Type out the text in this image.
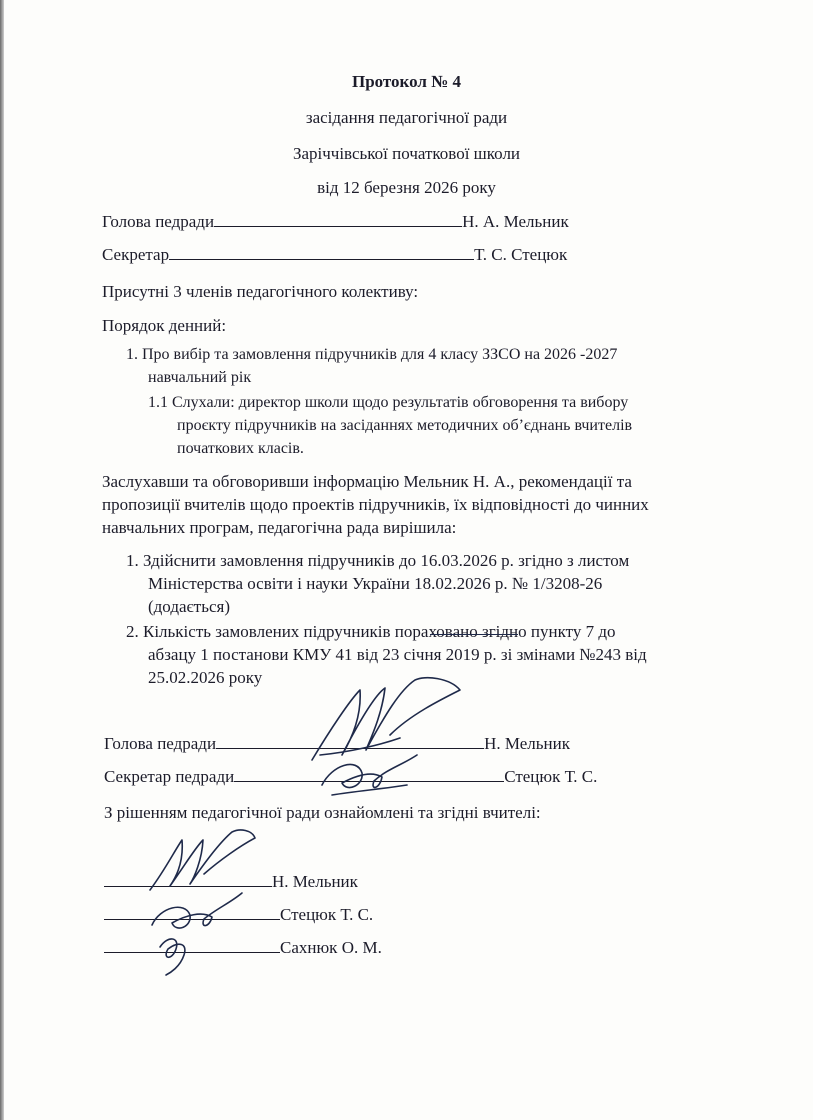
Протокол № 4
засідання педагогічної ради
Заріччівської початкової школи
від 12 березня 2026 року
Голова педради	Н. А. Мельник
Секретар	Т. С. Стецюк
Присутні 3 членів педагогічного колективу:
Порядок денний:
1. Про вибір та замовлення підручників для 4 класу ЗЗСО на 2026 -2027
навчальний рік
1.1 Слухали: директор школи щодо результатів обговорення та вибору
проєкту підручників на засіданнях методичних об’єднань вчителів
початкових класів.
Заслухавши та обговоривши інформацію Мельник Н. А., рекомендації та
пропозиції вчителів щодо проектів підручників, їх відповідності до чинних
навчальних програм, педагогічна рада вирішила:
1. Здійснити замовлення підручників до 16.03.2026 р. згідно з листом
Міністерства освіти і науки України 18.02.2026 р. № 1/3208-26
(додається)
2. Кількість замовлених підручників пораховано згідно пункту 7 до
абзацу 1 постанови КМУ 41 від 23 січня 2019 р. зі змінами №243 від
25.02.2026 року
Голова педради	Н. Мельник
Секретар педради	Стецюк Т. С.
З рішенням педагогічної ради ознайомлені та згідні вчителі:
Н. Мельник
Стецюк Т. С.
Сахнюк О. М.
